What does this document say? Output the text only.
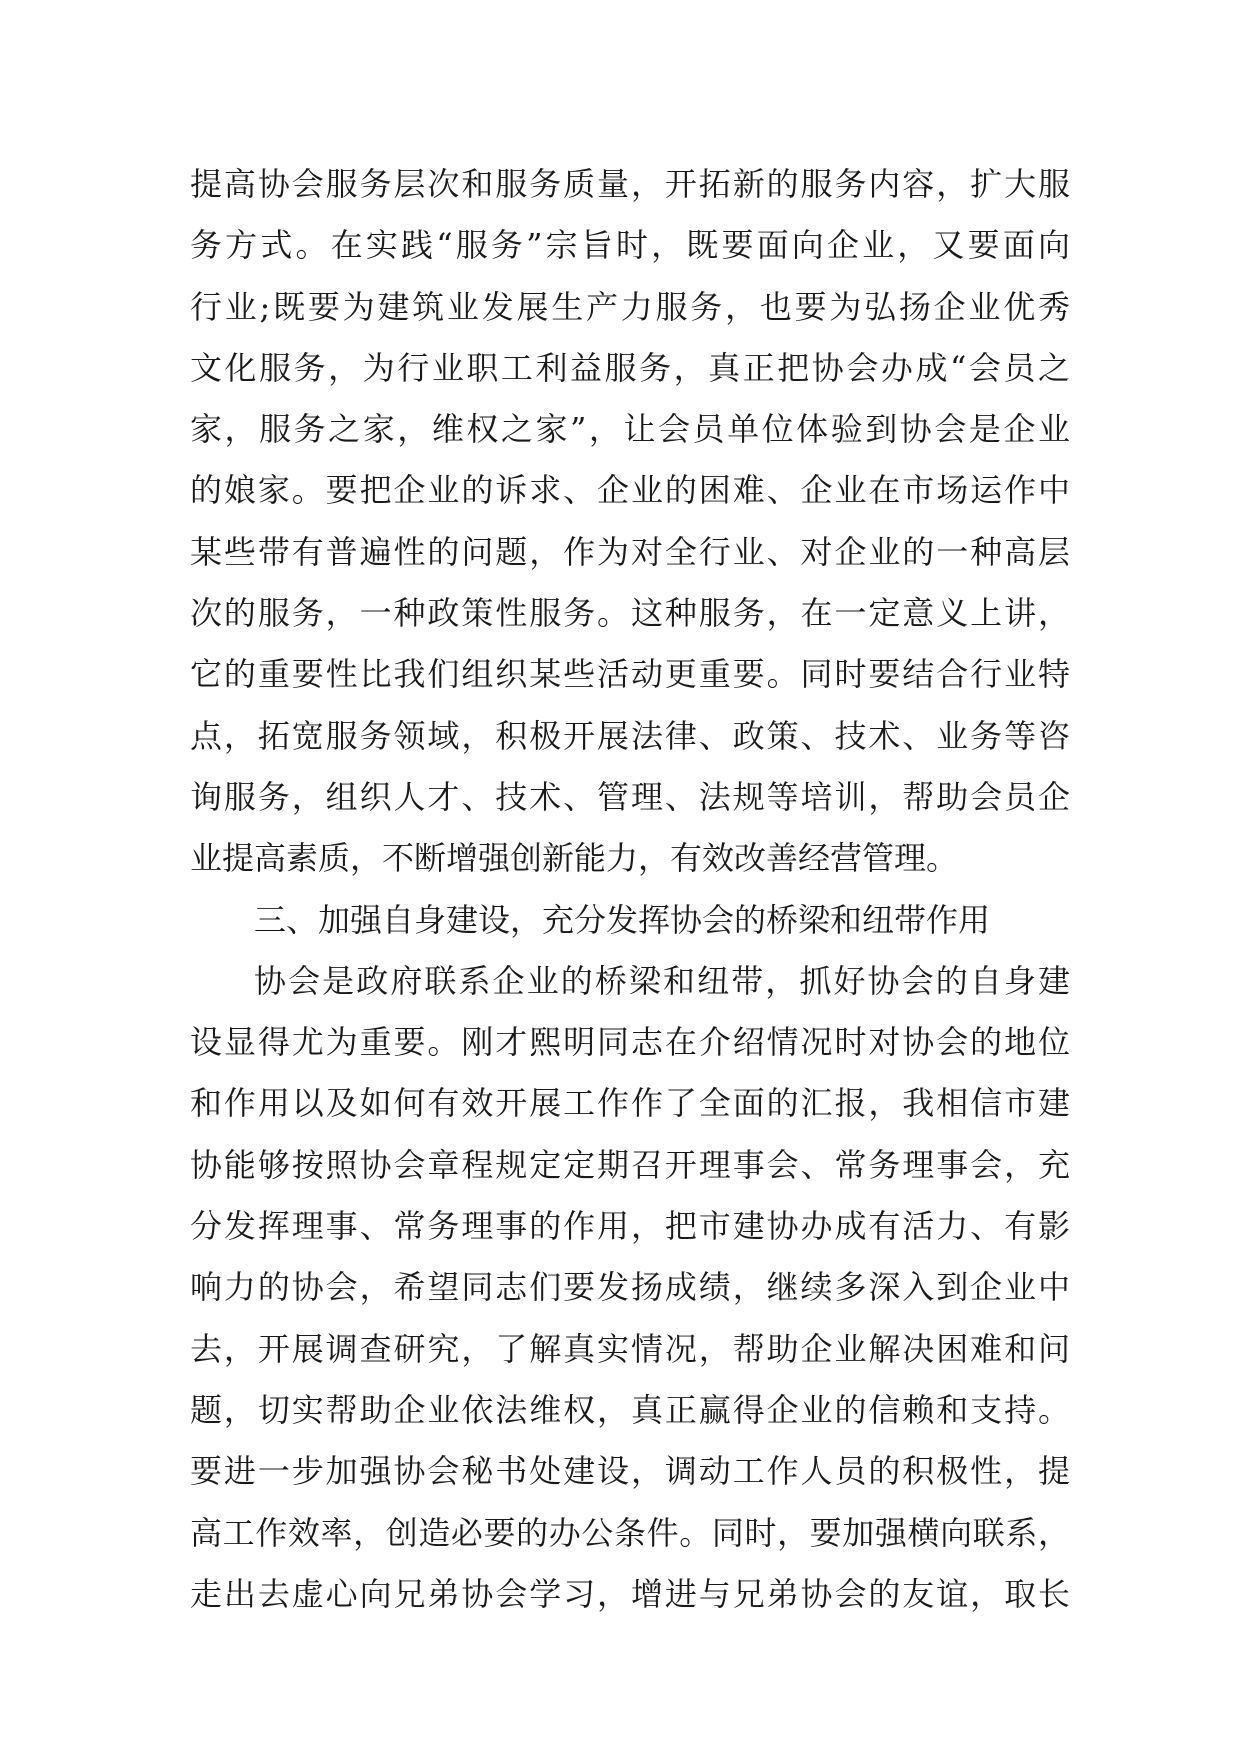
提高协会服务层次和服务质量，开拓新的服务内容，扩大服
务方式。在实践“服务”宗旨时，既要面向企业，又要面向
行业;既要为建筑业发展生产力服务，也要为弘扬企业优秀
文化服务，为行业职工利益服务，真正把协会办成“会员之
家，服务之家，维权之家”，让会员单位体验到协会是企业
的娘家。要把企业的诉求、企业的困难、企业在市场运作中
某些带有普遍性的问题，作为对全行业、对企业的一种高层
次的服务，一种政策性服务。这种服务，在一定意义上讲，
它的重要性比我们组织某些活动更重要。同时要结合行业特
点，拓宽服务领域，积极开展法律、政策、技术、业务等咨
询服务，组织人才、技术、管理、法规等培训，帮助会员企
业提高素质，不断增强创新能力，有效改善经营管理。
三、加强自身建设，充分发挥协会的桥梁和纽带作用
协会是政府联系企业的桥梁和纽带，抓好协会的自身建
设显得尤为重要。刚才熙明同志在介绍情况时对协会的地位
和作用以及如何有效开展工作作了全面的汇报，我相信市建
协能够按照协会章程规定定期召开理事会、常务理事会，充
分发挥理事、常务理事的作用，把市建协办成有活力、有影
响力的协会，希望同志们要发扬成绩，继续多深入到企业中
去，开展调查研究，了解真实情况，帮助企业解决困难和问
题，切实帮助企业依法维权，真正赢得企业的信赖和支持。
要进一步加强协会秘书处建设，调动工作人员的积极性，提
高工作效率，创造必要的办公条件。同时，要加强横向联系，
走出去虚心向兄弟协会学习，增进与兄弟协会的友谊，取长
